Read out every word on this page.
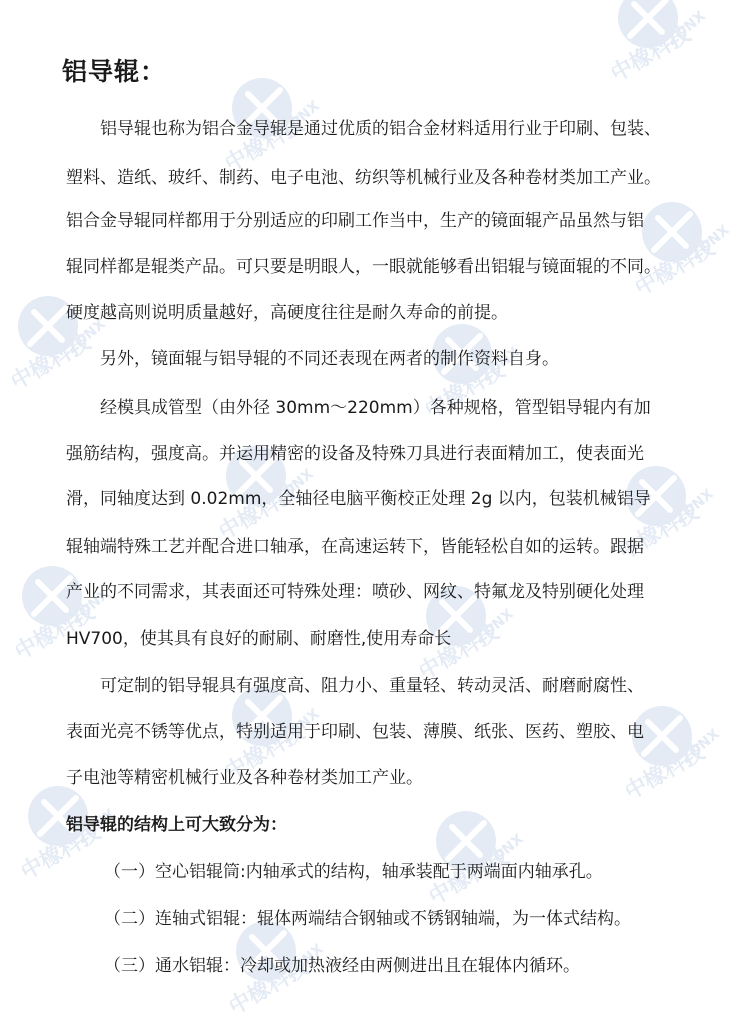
铝导辊：

铝导辊也称为铝合金导辊是通过优质的铝合金材料适用行业于印刷、包装、

塑料、造纸、玻纤、制药、电子电池、纺织等机械行业及各种卷材类加工产业。

铝合金导辊同样都用于分别适应的印刷工作当中，生产的镜面辊产品虽然与铝

辊同样都是辊类产品。可只要是明眼人，一眼就能够看出铝辊与镜面辊的不同。

硬度越高则说明质量越好，高硬度往往是耐久寿命的前提。

另外，镜面辊与铝导辊的不同还表现在两者的制作资料自身。

经模具成管型（由外径 30mm～220mm）各种规格，管型铝导辊内有加

强筋结构，强度高。并运用精密的设备及特殊刀具进行表面精加工，使表面光

滑，同轴度达到 0.02mm，全轴径电脑平衡校正处理 2g 以内，包装机械铝导

辊轴端特殊工艺并配合进口轴承，在高速运转下，皆能轻松自如的运转。跟据

产业的不同需求，其表面还可特殊处理：喷砂、网纹、特氟龙及特别硬化处理

HV700，使其具有良好的耐刷、耐磨性,使用寿命长

可定制的铝导辊具有强度高、阻力小、重量轻、转动灵活、耐磨耐腐性、

表面光亮不锈等优点，特别适用于印刷、包装、薄膜、纸张、医药、塑胶、电

子电池等精密机械行业及各种卷材类加工产业。

铝导辊的结构上可大致分为：

（一）空心铝辊筒:内轴承式的结构，轴承装配于两端面内轴承孔。

（二）连轴式铝辊：辊体两端结合钢轴或不锈钢轴端，为一体式结构。

（三）通水铝辊：冷却或加热液经由两侧进出且在辊体内循环。
